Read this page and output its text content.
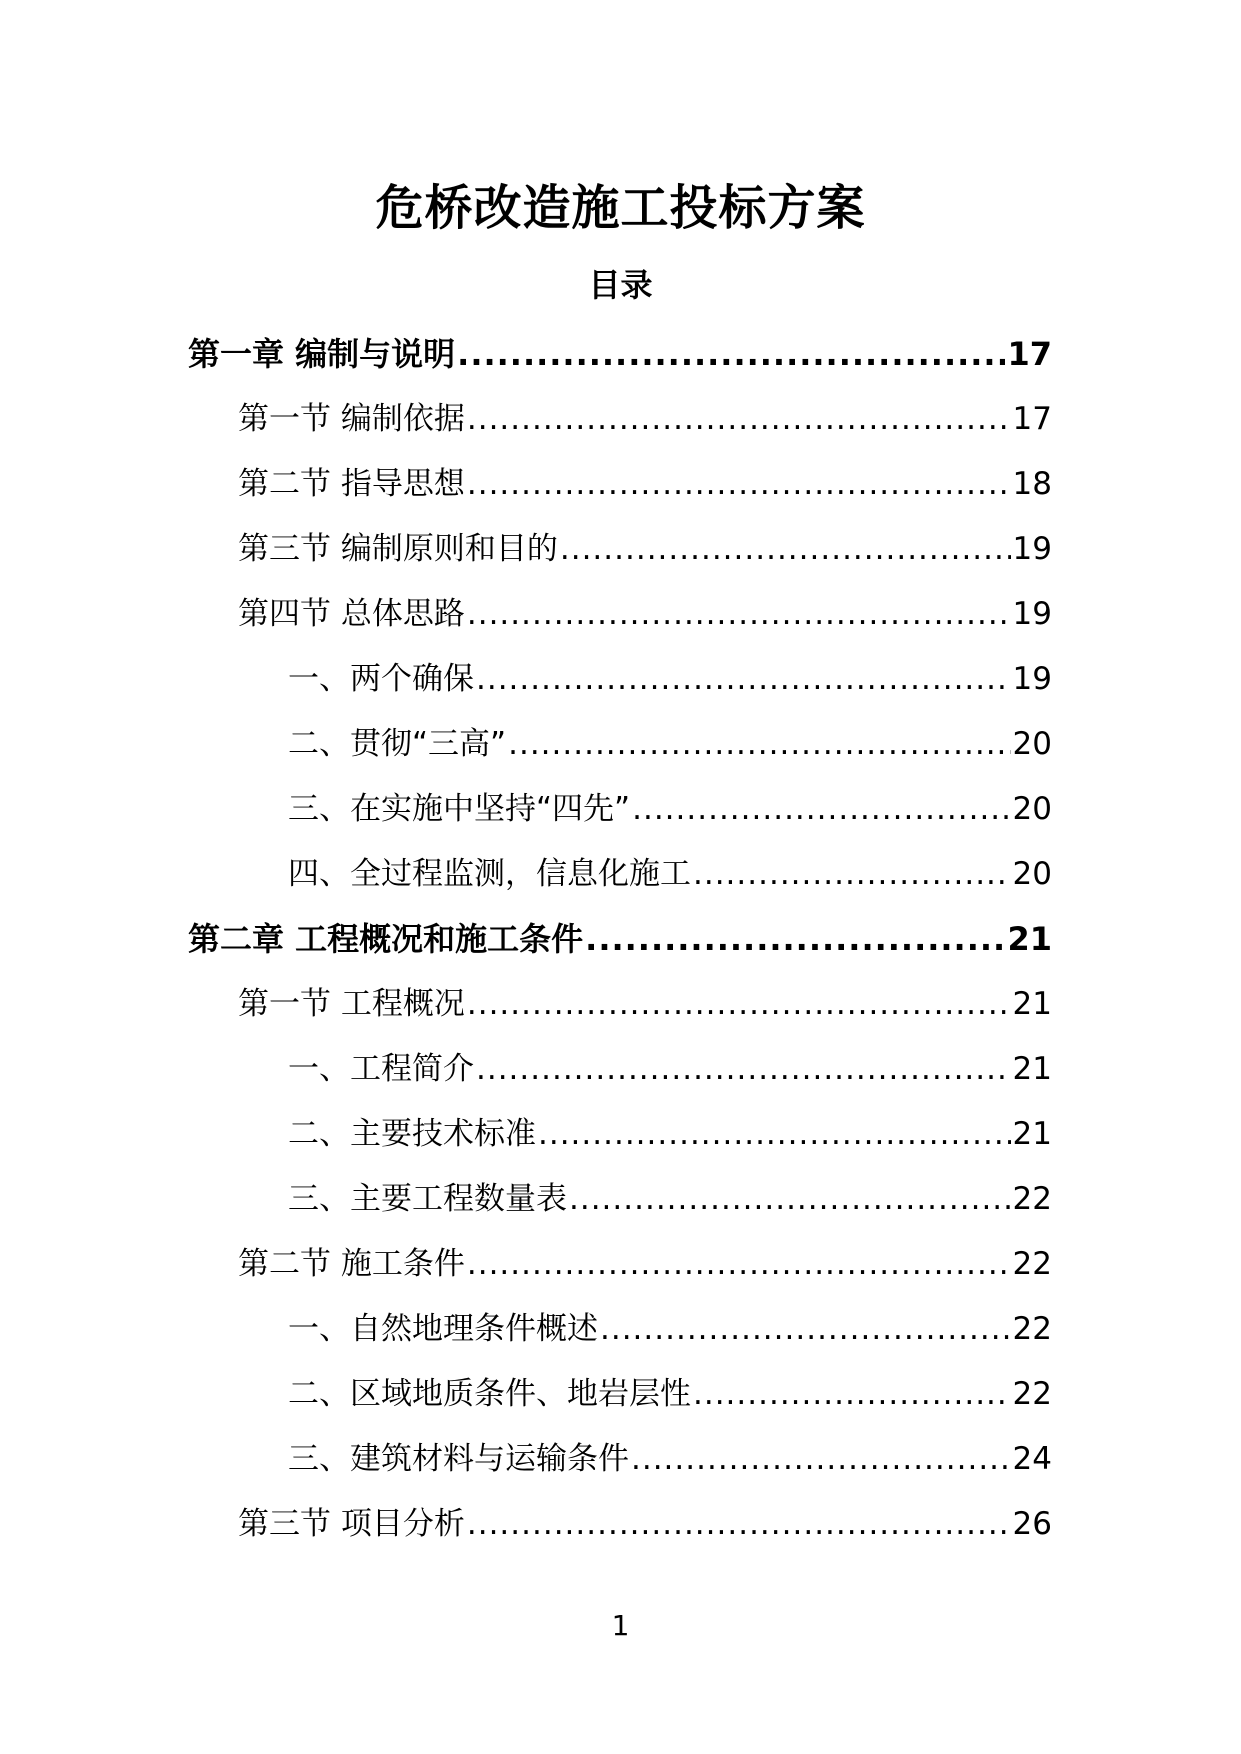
危桥改造施工投标方案
目录
第一章 编制与说明 .....	17
第一节 编制依据 .....	17
第二节 指导思想 .....	18
第三节 编制原则和目的 .....	19
第四节 总体思路 .....	19
一、两个确保 .....	19
二、贯彻“三高” .....	20
三、在实施中坚持“四先” .....	20
四、全过程监测，信息化施工 .....	20
第二章 工程概况和施工条件 .....	21
第一节 工程概况 .....	21
一、工程简介 .....	21
二、主要技术标准 .....	21
三、主要工程数量表 .....	22
第二节 施工条件 .....	22
一、自然地理条件概述 .....	22
二、区域地质条件、地岩层性 .....	22
三、建筑材料与运输条件 .....	24
第三节 项目分析 .....	26
1
